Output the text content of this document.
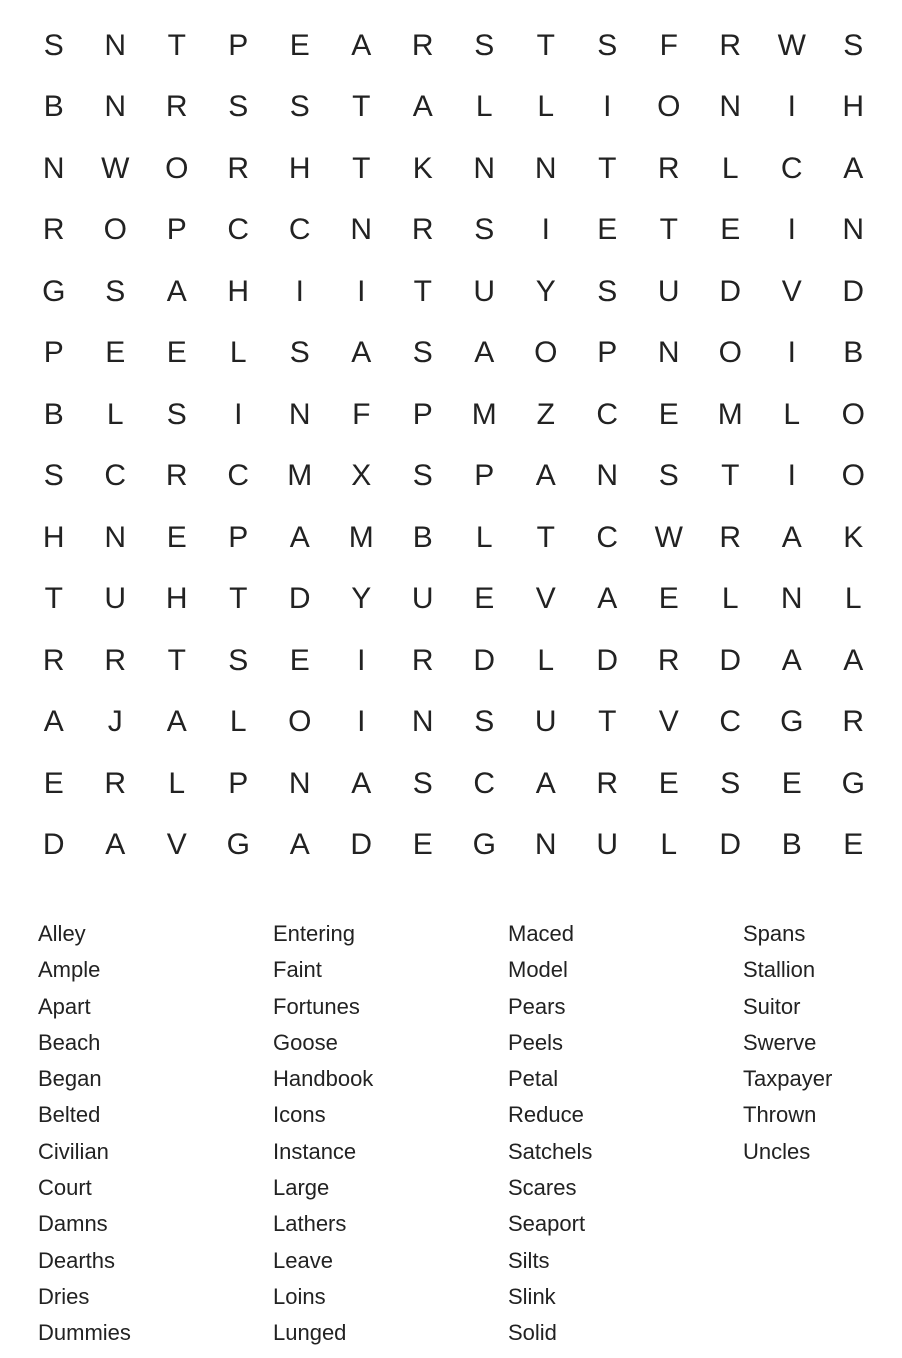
S	N	T	P	E	A	R	S	T	S	F	R	W	S
B	N	R	S	S	T	A	L	L	I	O	N	I	H
N	W	O	R	H	T	K	N	N	T	R	L	C	A
R	O	P	C	C	N	R	S	I	E	T	E	I	N
G	S	A	H	I	I	T	U	Y	S	U	D	V	D
P	E	E	L	S	A	S	A	O	P	N	O	I	B
B	L	S	I	N	F	P	M	Z	C	E	M	L	O
S	C	R	C	M	X	S	P	A	N	S	T	I	O
H	N	E	P	A	M	B	L	T	C	W	R	A	K
T	U	H	T	D	Y	U	E	V	A	E	L	N	L
R	R	T	S	E	I	R	D	L	D	R	D	A	A
A	J	A	L	O	I	N	S	U	T	V	C	G	R
E	R	L	P	N	A	S	C	A	R	E	S	E	G
D	A	V	G	A	D	E	G	N	U	L	D	B	E
Alley
Ample
Apart
Beach
Began
Belted
Civilian
Court
Damns
Dearths
Dries
Dummies
Entering
Faint
Fortunes
Goose
Handbook
Icons
Instance
Large
Lathers
Leave
Loins
Lunged
Maced
Model
Pears
Peels
Petal
Reduce
Satchels
Scares
Seaport
Silts
Slink
Solid
Spans
Stallion
Suitor
Swerve
Taxpayer
Thrown
Uncles
